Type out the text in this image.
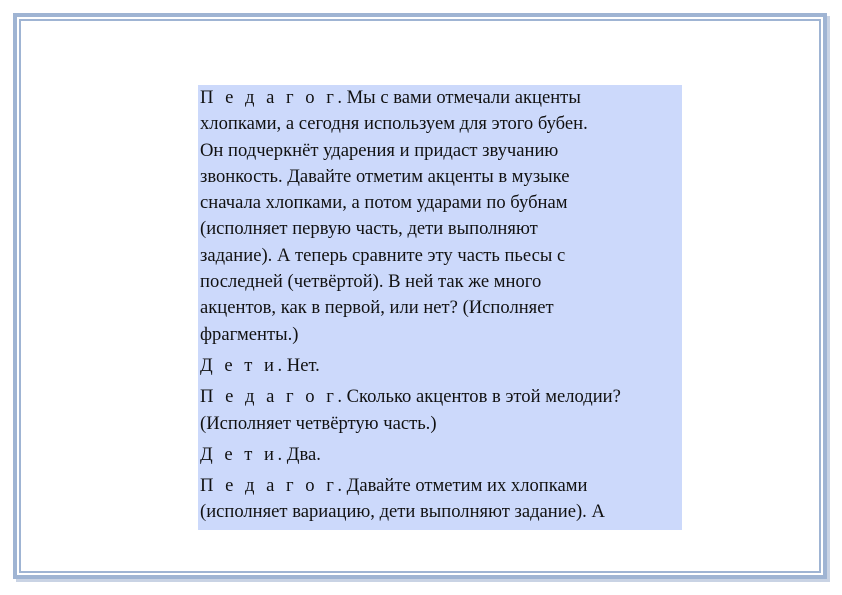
П е д а г о г. Мы с вами отмечали акценты
хлопками, а сегодня используем для этого бубен.
Он подчеркнёт ударения и придаст звучанию
звонкость. Давайте отметим акценты в музыке
сначала хлопками, а потом ударами по бубнам
(исполняет первую часть, дети выполняют
задание). А теперь сравните эту часть пьесы с
последней (четвёртой). В ней так же много
акцентов, как в первой, или нет? (Исполняет
фрагменты.)

Д е т и. Нет.

П е д а г о г. Сколько акцентов в этой мелодии?
(Исполняет четвёртую часть.)

Д е т и. Два.

П е д а г о г. Давайте отметим их хлопками
(исполняет вариацию, дети выполняют задание). А
